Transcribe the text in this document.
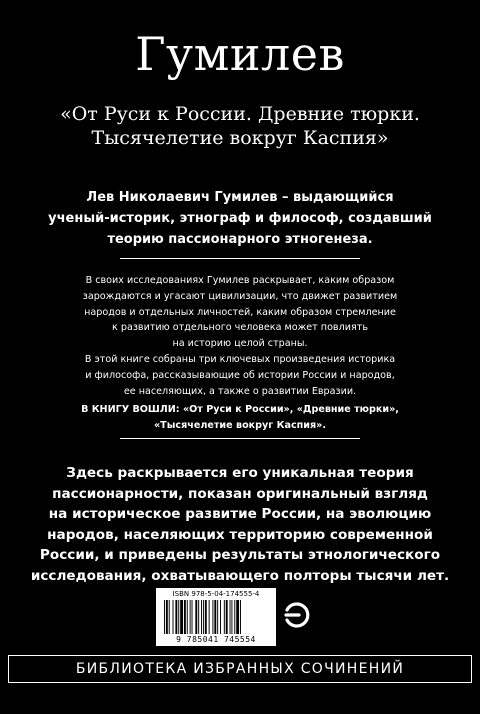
Гумилев
«От Руси к России. Древние тюрки.
Тысячелетие вокруг Каспия»
Лев Николаевич Гумилев – выдающийся
ученый-историк, этнограф и философ, создавший
теорию пассионарного этногенеза.
В своих исследованиях Гумилев раскрывает, каким образом
зарождаются и угасают цивилизации, что движет развитием
народов и отдельных личностей, каким образом стремление
к развитию отдельного человека может повлиять
на историю целой страны.
В этой книге собраны три ключевых произведения историка
и философа, рассказывающие об истории России и народов,
ее населяющих, а также о развитии Евразии.
В КНИГУ ВОШЛИ: «От Руси к России», «Древние тюрки»,
«Тысячелетие вокруг Каспия».
Здесь раскрывается его уникальная теория
пассионарности, показан оригинальный взгляд
на историческое развитие России, на эволюцию
народов, населяющих территорию современной
России, и приведены результаты этнологического
исследования, охватывающего полторы тысячи лет.
ISBN 978-5-04-174555-4
9 785041 745554
БИБЛИОТЕКА ИЗБРАННЫХ СОЧИНЕНИЙ
